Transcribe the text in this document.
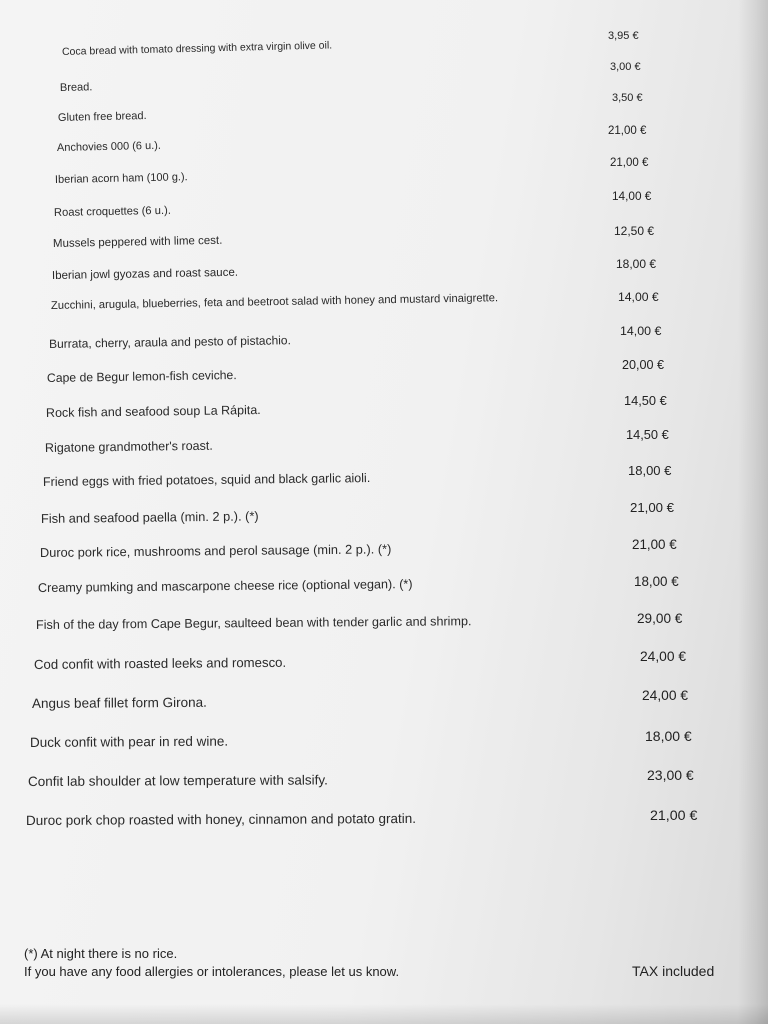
Coca bread with tomato dressing with extra virgin olive oil.
Bread.
Gluten free bread.
Anchovies 000 (6 u.).
Iberian acorn ham (100 g.).
Roast croquettes (6 u.).
Mussels peppered with lime cest.
Iberian jowl gyozas and roast sauce.
Zucchini, arugula, blueberries, feta and beetroot salad with honey and mustard vinaigrette.
Burrata, cherry, araula and pesto of pistachio.
Cape de Begur lemon-fish ceviche.
Rock fish and seafood soup La Rápita.
Rigatone grandmother's roast.
Friend eggs with fried potatoes, squid and black garlic aioli.
Fish and seafood paella (min. 2 p.). (*)
Duroc pork rice, mushrooms and perol sausage (min. 2 p.). (*)
Creamy pumking and mascarpone cheese rice (optional vegan). (*)
Fish of the day from Cape Begur, saulteed bean with tender garlic and shrimp.
Cod confit with roasted leeks and romesco.
Angus beaf fillet form Girona.
Duck confit with pear in red wine.
Confit lab shoulder at low temperature with salsify.
Duroc pork chop roasted with honey, cinnamon and potato gratin.
3,95 €
3,00 €
3,50 €
21,00 €
21,00 €
14,00 €
12,50 €
18,00 €
14,00 €
14,00 €
20,00 €
14,50 €
14,50 €
18,00 €
21,00 €
21,00 €
18,00 €
29,00 €
24,00 €
24,00 €
18,00 €
23,00 €
21,00 €
(*) At night there is no rice.
If you have any food allergies or intolerances, please let us know.	TAX included
